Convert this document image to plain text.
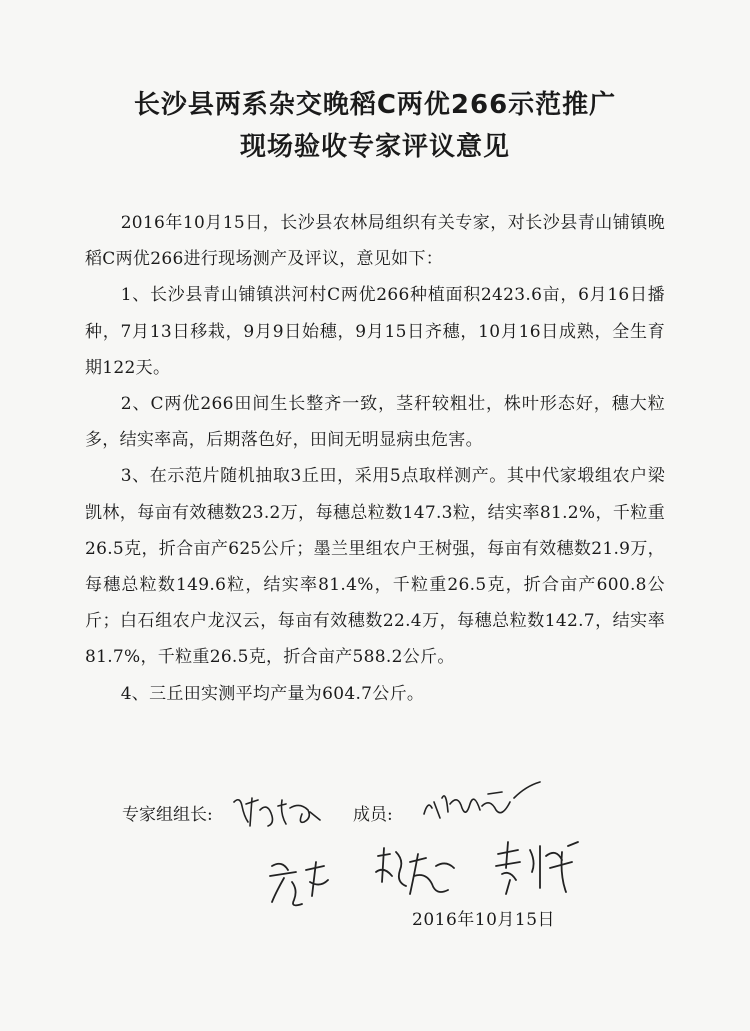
长沙县两系杂交晚稻C两优266示范推广
现场验收专家评议意见

2016年10月15日，长沙县农林局组织有关专家，对长沙县青山铺镇晚稻C两优266进行现场测产及评议，意见如下：

1、长沙县青山铺镇洪河村C两优266种植面积2423.6亩，6月16日播种，7月13日移栽，9月9日始穗，9月15日齐穗，10月16日成熟，全生育期122天。

2、C两优266田间生长整齐一致，茎秆较粗壮，株叶形态好，穗大粒多，结实率高，后期落色好，田间无明显病虫危害。

3、在示范片随机抽取3丘田，采用5点取样测产。其中代家塅组农户梁凯林，每亩有效穗数23.2万，每穗总粒数147.3粒，结实率81.2%，千粒重26.5克，折合亩产625公斤；墨兰里组农户王树强，每亩有效穗数21.9万，每穗总粒数149.6粒，结实率81.4%，千粒重26.5克，折合亩产600.8公斤；白石组农户龙汉云，每亩有效穗数22.4万，每穗总粒数142.7，结实率81.7%，千粒重26.5克，折合亩产588.2公斤。

4、三丘田实测平均产量为604.7公斤。

专家组组长:	成员:
2016年10月15日
